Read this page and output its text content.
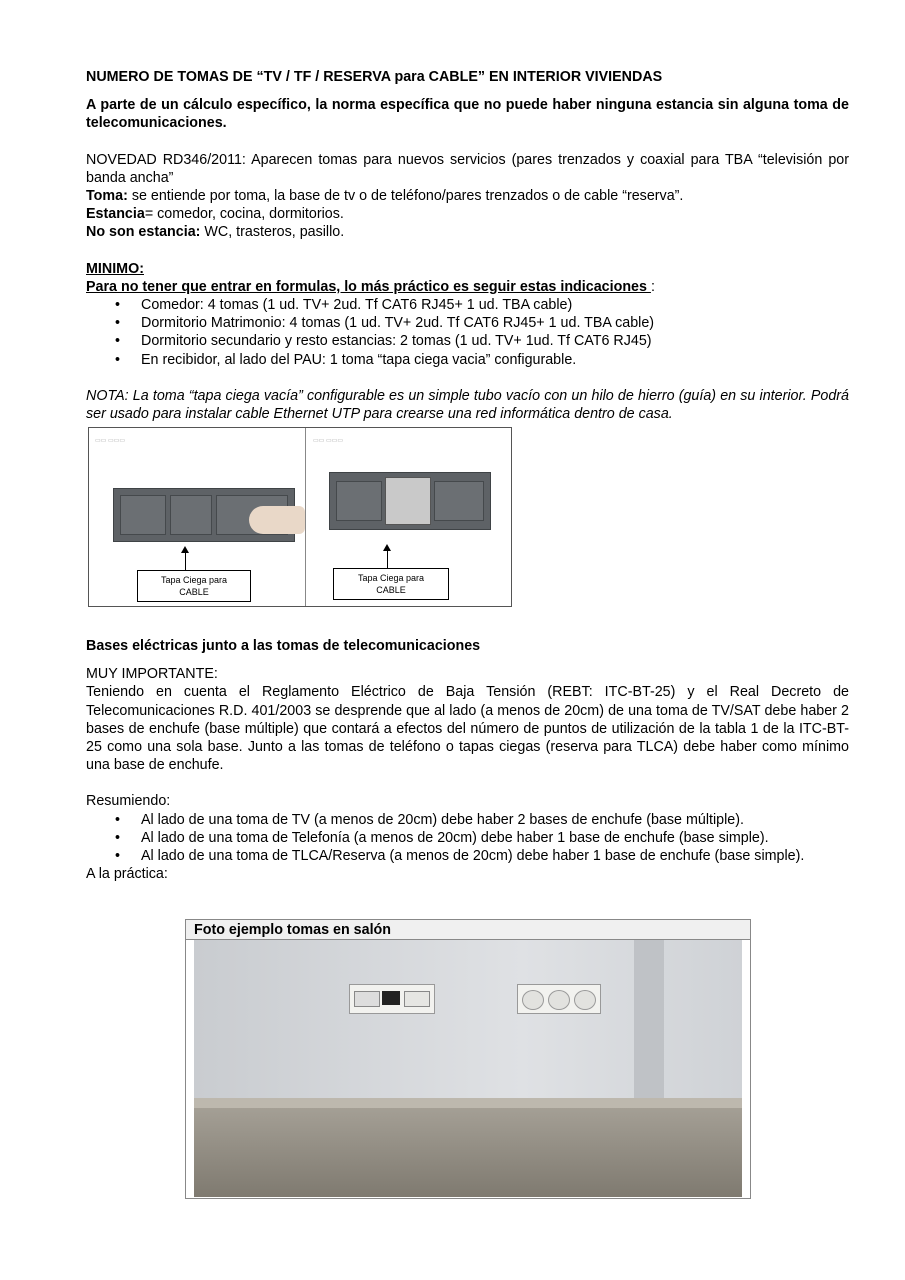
NUMERO DE TOMAS DE “TV / TF / RESERVA para CABLE” EN INTERIOR VIVIENDAS

A parte de un cálculo específico, la norma específica que no puede haber ninguna estancia sin alguna toma de telecomunicaciones.

NOVEDAD RD346/2011: Aparecen tomas para nuevos servicios (pares trenzados y coaxial para TBA “televisión por banda ancha”

Toma: se entiende por toma, la base de tv o de teléfono/pares trenzados o de cable “reserva”.

Estancia= comedor, cocina, dormitorios.

No son estancia: WC, trasteros, pasillo.

MINIMO:

Para no tener que entrar en formulas, lo más práctico es seguir estas indicaciones :

• Comedor: 4 tomas (1 ud. TV+ 2ud. Tf CAT6 RJ45+ 1 ud. TBA cable)
• Dormitorio Matrimonio: 4 tomas (1 ud. TV+ 2ud. Tf CAT6 RJ45+ 1 ud. TBA cable)
• Dormitorio secundario y resto estancias: 2 tomas (1 ud. TV+ 1ud. Tf CAT6 RJ45)
• En recibidor, al lado del PAU: 1 toma “tapa ciega vacia” configurable.

NOTA: La toma “tapa ciega vacía” configurable es un simple tubo vacío con un hilo de hierro (guía) en su interior. Podrá ser usado para instalar cable Ethernet UTP para crearse una red informática dentro de casa.

▭▭ ▭▭▭
Tapa Ciega para
CABLE
▭▭ ▭▭▭
Tapa Ciega para
CABLE

Bases eléctricas junto a las tomas de telecomunicaciones

MUY IMPORTANTE:

Teniendo en cuenta el Reglamento Eléctrico de Baja Tensión (REBT: ITC-BT-25) y el Real Decreto de Telecomunicaciones R.D. 401/2003 se desprende que al lado (a menos de 20cm) de una toma de TV/SAT debe haber 2 bases de enchufe (base múltiple) que contará a efectos del número de puntos de utilización de la tabla 1 de la ITC-BT-25 como una sola base. Junto a las tomas de teléfono o tapas ciegas (reserva para TLCA) debe haber como mínimo una base de enchufe.

Resumiendo:

• Al lado de una toma de TV (a menos de 20cm) debe haber 2 bases de enchufe (base múltiple).
• Al lado de una toma de Telefonía (a menos de 20cm) debe haber 1 base de enchufe (base simple).
• Al lado de una toma de TLCA/Reserva (a menos de 20cm) debe haber 1 base de enchufe (base simple).

A la práctica:

Foto ejemplo tomas en salón
